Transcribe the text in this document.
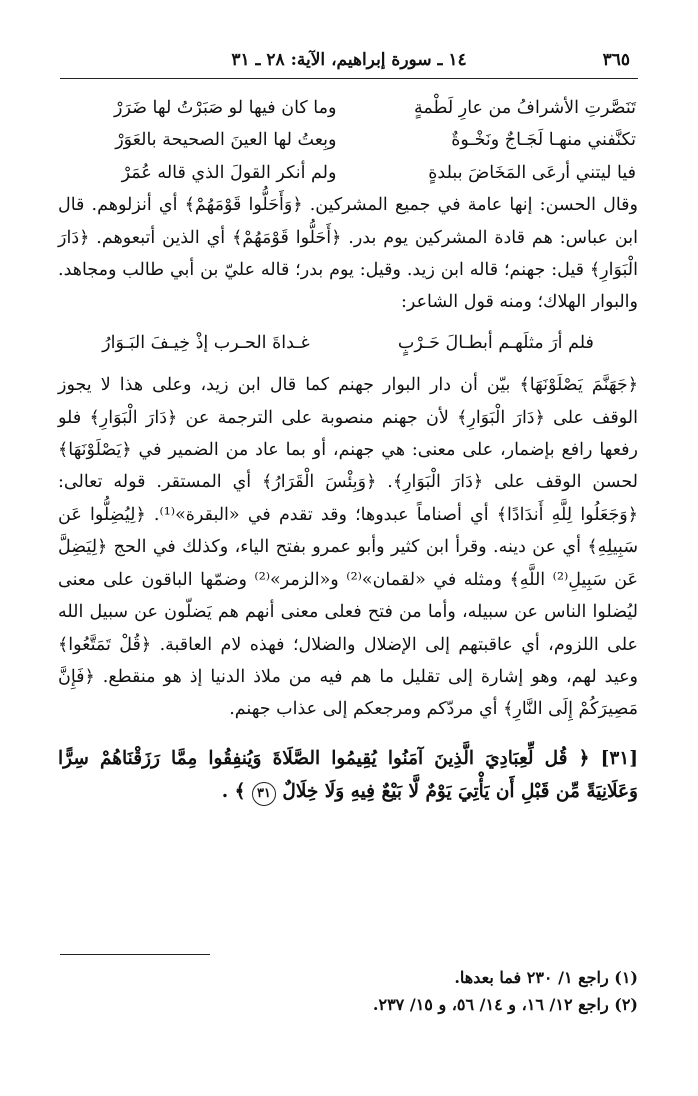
٣٦٥
١٤ ـ سورة إبراهيم، الآية: ٢٨ ـ ٣١
تَنَصَّرتِ الأشرافُ من عارِ لَطْمةٍ
وما كان فيها لو صَبَرْتُ لها ضَرَرْ
تكنَّفني منهـا لَجَـاجٌ ونَخْـوةٌ
وبِعتُ لها العينَ الصحيحة بالعَوَرْ
فيا ليتني أرعَى المَخَاضَ ببلدةٍ
ولم أنكر القولَ الذي قاله عُمَرْ

وقال الحسن: إنها عامة في جميع المشركين. ﴿وَأَحَلُّوا قَوْمَهُمْ﴾ أي أنزلوهم. قال ابن عباس: هم قادة المشركين يوم بدر. ﴿أَحَلُّوا قَوْمَهُمْ﴾ أي الذين أتبعوهم. ﴿دَارَ الْبَوَارِ﴾ قيل: جهنم؛ قاله ابن زيد. وقيل: يوم بدر؛ قاله عليّ بن أبي طالب ومجاهد. والبوار الهلاك؛ ومنه قول الشاعر:

فلم أرَ مثلَهـم أبطـالَ حَـرْبٍ
غـداةَ الحـرب إذْ خِيـفَ البَـوَارُ

﴿جَهَنَّمَ يَصْلَوْنَهَا﴾ بيّن أن دار البوار جهنم كما قال ابن زيد، وعلى هذا لا يجوز الوقف على ﴿دَارَ الْبَوَارِ﴾ لأن جهنم منصوبة على الترجمة عن ﴿دَارَ الْبَوَارِ﴾ فلو رفعها رافع بإضمار، على معنى: هي جهنم، أو بما عاد من الضمير في ﴿يَصْلَوْنَهَا﴾ لحسن الوقف على ﴿دَارَ الْبَوَارِ﴾. ﴿وَبِئْسَ الْقَرَارُ﴾ أي المستقر. قوله تعالى: ﴿وَجَعَلُوا لِلَّهِ أَندَادًا﴾ أي أصناماً عبدوها؛ وقد تقدم في «البقرة»⁽¹⁾. ﴿لِيُضِلُّوا عَن سَبِيلِهِ﴾ أي عن دينه. وقرأ ابن كثير وأبو عمرو بفتح الياء، وكذلك في الحج ﴿لِيَضِلَّ عَن سَبِيلِ⁽²⁾ اللَّهِ﴾ ومثله في «لقمان»⁽²⁾ و«الزمر»⁽²⁾ وضمّها الباقون على معنى ليُضلوا الناس عن سبيله، وأما من فتح فعلى معنى أنهم هم يَضلّون عن سبيل الله على اللزوم، أي عاقبتهم إلى الإضلال والضلال؛ فهذه لام العاقبة. ﴿قُلْ تَمَتَّعُوا﴾ وعيد لهم، وهو إشارة إلى تقليل ما هم فيه من ملاذ الدنيا إذ هو منقطع. ﴿فَإِنَّ مَصِيرَكُمْ إِلَى النَّارِ﴾ أي مردّكم ومرجعكم إلى عذاب جهنم.

[٣١] ﴿ قُل لِّعِبَادِيَ الَّذِينَ آمَنُوا يُقِيمُوا الصَّلَاةَ وَيُنفِقُوا مِمَّا رَزَقْنَاهُمْ سِرًّا وَعَلَانِيَةً مِّن قَبْلِ أَن يَأْتِيَ يَوْمٌ لَّا بَيْعٌ فِيهِ وَلَا خِلَالٌ ٣١ ﴾ .
(١) راجع ١/ ٢٣٠ فما بعدها.
(٢) راجع ١٢/ ١٦، و ١٤/ ٥٦، و ١٥/ ٢٣٧.
